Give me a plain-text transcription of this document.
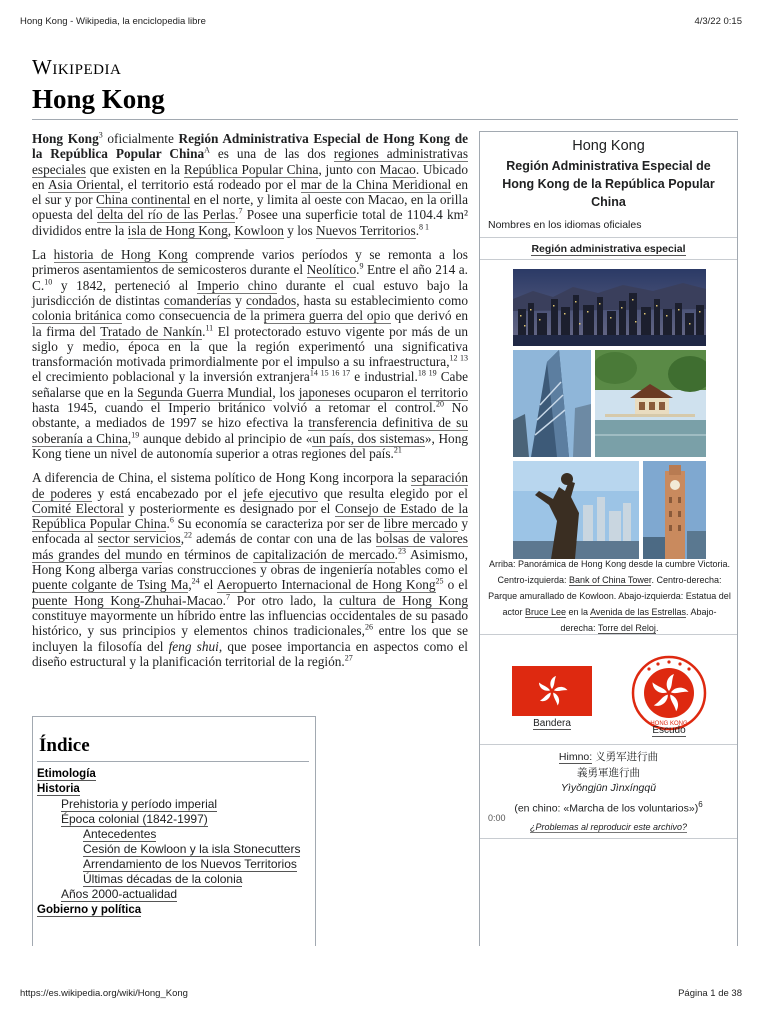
Hong Kong - Wikipedia, la enciclopedia libre	4/3/22 0:15
Wikipedia
Hong Kong

Hong Kong$^3$ oficialmente Región Administrativa Especial de Hong Kong de la República Popular China$^A$ es una de las dos regiones administrativas especiales que existen en la República Popular China, junto con Macao. Ubicado en Asia Oriental, el territorio está rodeado por el mar de la China Meridional en el sur y por China continental en el norte, y limita al oeste con Macao, en la orilla opuesta del delta del río de las Perlas.$^7$ Posee una superficie total de 1104.4 km² divididos entre la isla de Hong Kong, Kowloon y los Nuevos Territorios.$^{8 1}$

La historia de Hong Kong comprende varios períodos y se remonta a los primeros asentamientos de semicosteros durante el Neolítico.$^9$ Entre el año 214 a. C.$^{10}$ y 1842, perteneció al Imperio chino durante el cual estuvo bajo la jurisdicción de distintas comanderías y condados, hasta su establecimiento como colonia británica como consecuencia de la primera guerra del opio que derivó en la firma del Tratado de Nankín.$^{11}$ El protectorado estuvo vigente por más de un siglo y medio, época en la que la región experimentó una significativa transformación motivada primordialmente por el impulso a su infraestructura,$^{12 13}$ el crecimiento poblacional y la inversión extranjera$^{14 15 16 17}$ e industrial.$^{18 19}$ Cabe señalarse que en la Segunda Guerra Mundial, los japoneses ocuparon el territorio hasta 1945, cuando el Imperio británico volvió a retomar el control.$^{20}$ No obstante, a mediados de 1997 se hizo efectiva la transferencia definitiva de su soberanía a China,$^{19}$ aunque debido al principio de «un país, dos sistemas», Hong Kong tiene un nivel de autonomía superior a otras regiones del país.$^{21}$

A diferencia de China, el sistema político de Hong Kong incorpora la separación de poderes y está encabezado por el jefe ejecutivo que resulta elegido por el Comité Electoral y posteriormente es designado por el Consejo de Estado de la República Popular China.$^6$ Su economía se caracteriza por ser de libre mercado y enfocada al sector servicios,$^{22}$ además de contar con una de las bolsas de valores más grandes del mundo en términos de capitalización de mercado.$^{23}$ Asimismo, Hong Kong alberga varias construcciones y obras de ingeniería notables como el puente colgante de Tsing Ma,$^{24}$ el Aeropuerto Internacional de Hong Kong$^{25}$ o el puente Hong Kong-Zhuhai-Macao.$^7$ Por otro lado, la cultura de Hong Kong constituye mayormente un híbrido entre las influencias occidentales de su pasado histórico, y sus principios y elementos chinos tradicionales,$^{26}$ entre los que se incluyen la filosofía del feng shui, que posee importancia en aspectos como el diseño estructural y la planificación territorial de la región.$^{27}$

Índice
Etimología
Historia
Prehistoria y período imperial
Época colonial (1842-1997)
Antecedentes
Cesión de Kowloon y la isla Stonecutters
Arrendamiento de los Nuevos Territorios
Últimas décadas de la colonia
Años 2000-actualidad
Gobierno y política
Hong Kong
Región Administrativa Especial de Hong Kong de la República Popular China
Nombres en los idiomas oficiales
Región administrativa especial
Arriba: Panorámica de Hong Kong desde la cumbre Victoria. Centro-izquierda: Bank of China Tower. Centro-derecha: Parque amurallado de Kowloon. Abajo-izquierda: Estatua del actor Bruce Lee en la Avenida de las Estrellas. Abajo-derecha: Torre del Reloj.
Bandera	HONG KONG
Escudo
Himno: 义勇军进行曲
義勇軍進行曲
Yìyǒngjūn Jìnxíngqǔ
(en chino: «Marcha de los voluntarios»)$^6$
0:00
¿Problemas al reproducir este archivo?
https://es.wikipedia.org/wiki/Hong_Kong	Página 1 de 38
